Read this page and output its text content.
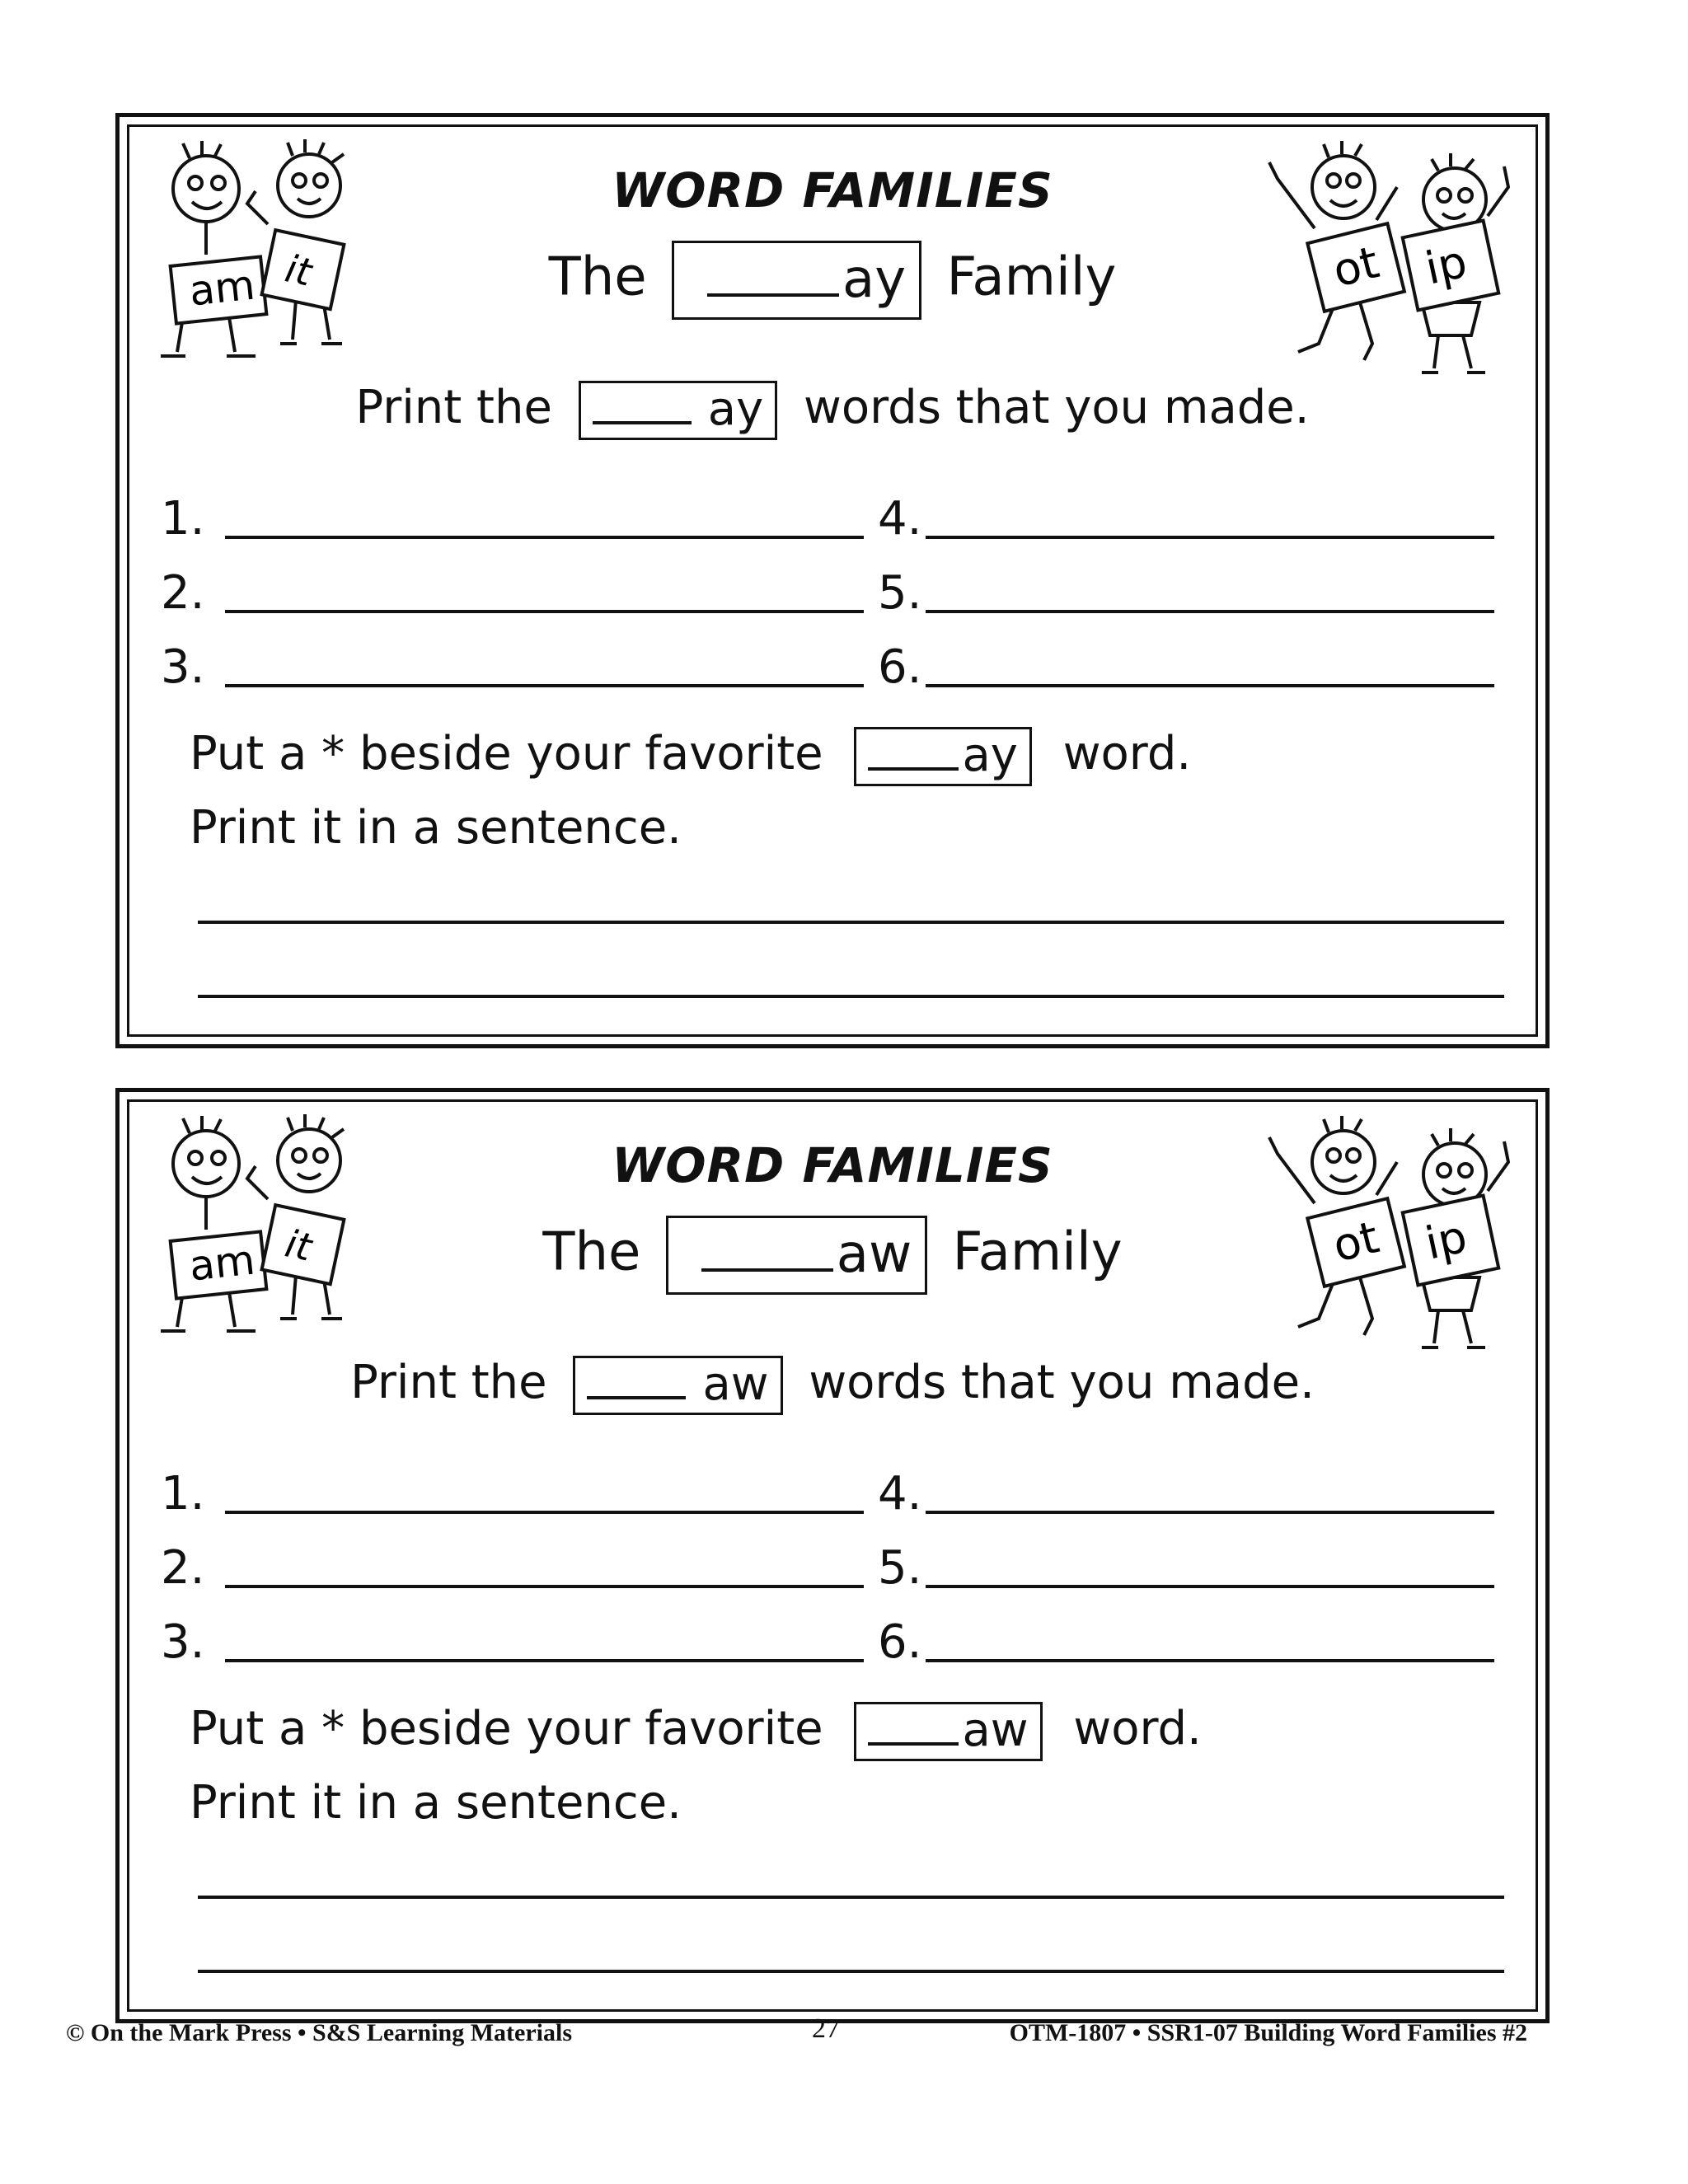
am it	ot ip
WORD FAMILIES
The	ay Family
Print the	ay words that you made.
1.
2.
3.
4.
5.
6.
Put a * beside your favorite	ay word.
Print it in a sentence.
am it	ot ip
WORD FAMILIES
The	aw Family
Print the	aw words that you made.
1.
2.
3.
4.
5.
6.
Put a * beside your favorite	aw word.
Print it in a sentence.
© On the Mark Press • S&S Learning Materials	27	OTM-1807 • SSR1-07 Building Word Families #2
